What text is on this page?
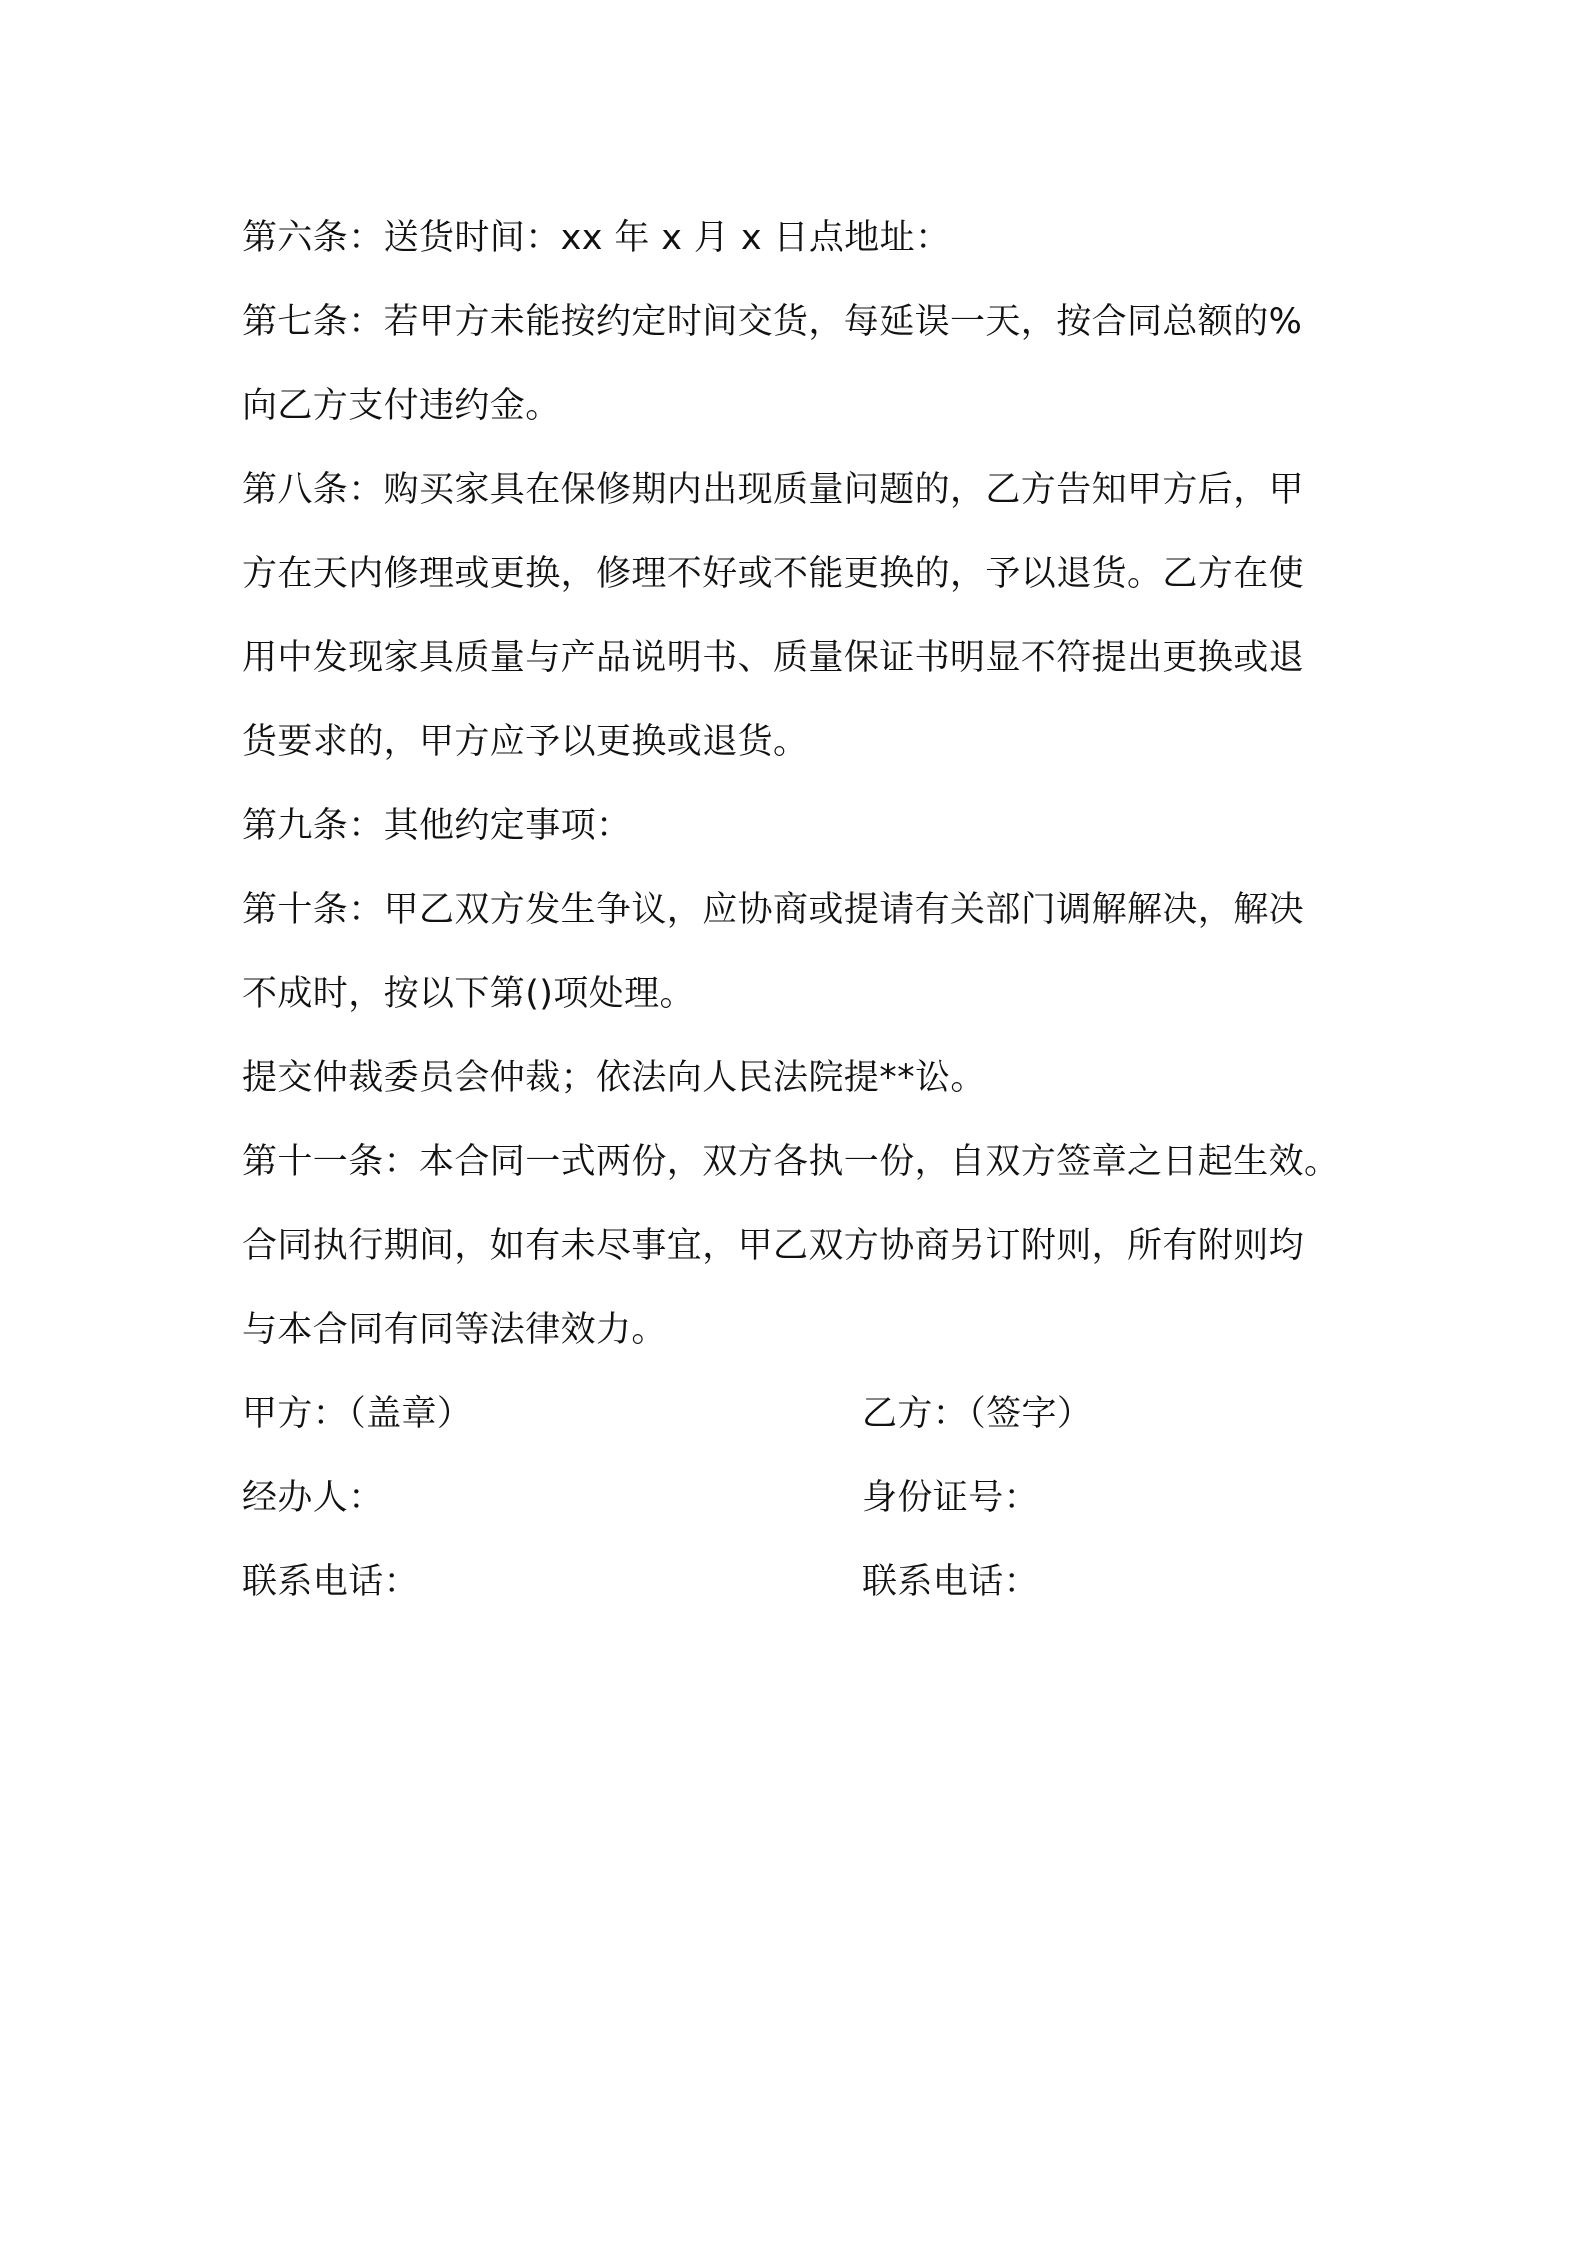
第六条：送货时间：xx 年 x 月 x 日点地址：

第七条：若甲方未能按约定时间交货，每延误一天，按合同总额的%

向乙方支付违约金。

第八条：购买家具在保修期内出现质量问题的，乙方告知甲方后，甲

方在天内修理或更换，修理不好或不能更换的，予以退货。乙方在使

用中发现家具质量与产品说明书、质量保证书明显不符提出更换或退

货要求的，甲方应予以更换或退货。

第九条：其他约定事项：

第十条：甲乙双方发生争议，应协商或提请有关部门调解解决，解决

不成时，按以下第()项处理。

提交仲裁委员会仲裁；依法向人民法院提**讼。

第十一条：本合同一式两份，双方各执一份，自双方签章之日起生效。

合同执行期间，如有未尽事宜，甲乙双方协商另订附则，所有附则均

与本合同有同等法律效力。

甲方：（盖章）	乙方：（签字）
经办人：	身份证号：
联系电话：	联系电话：
